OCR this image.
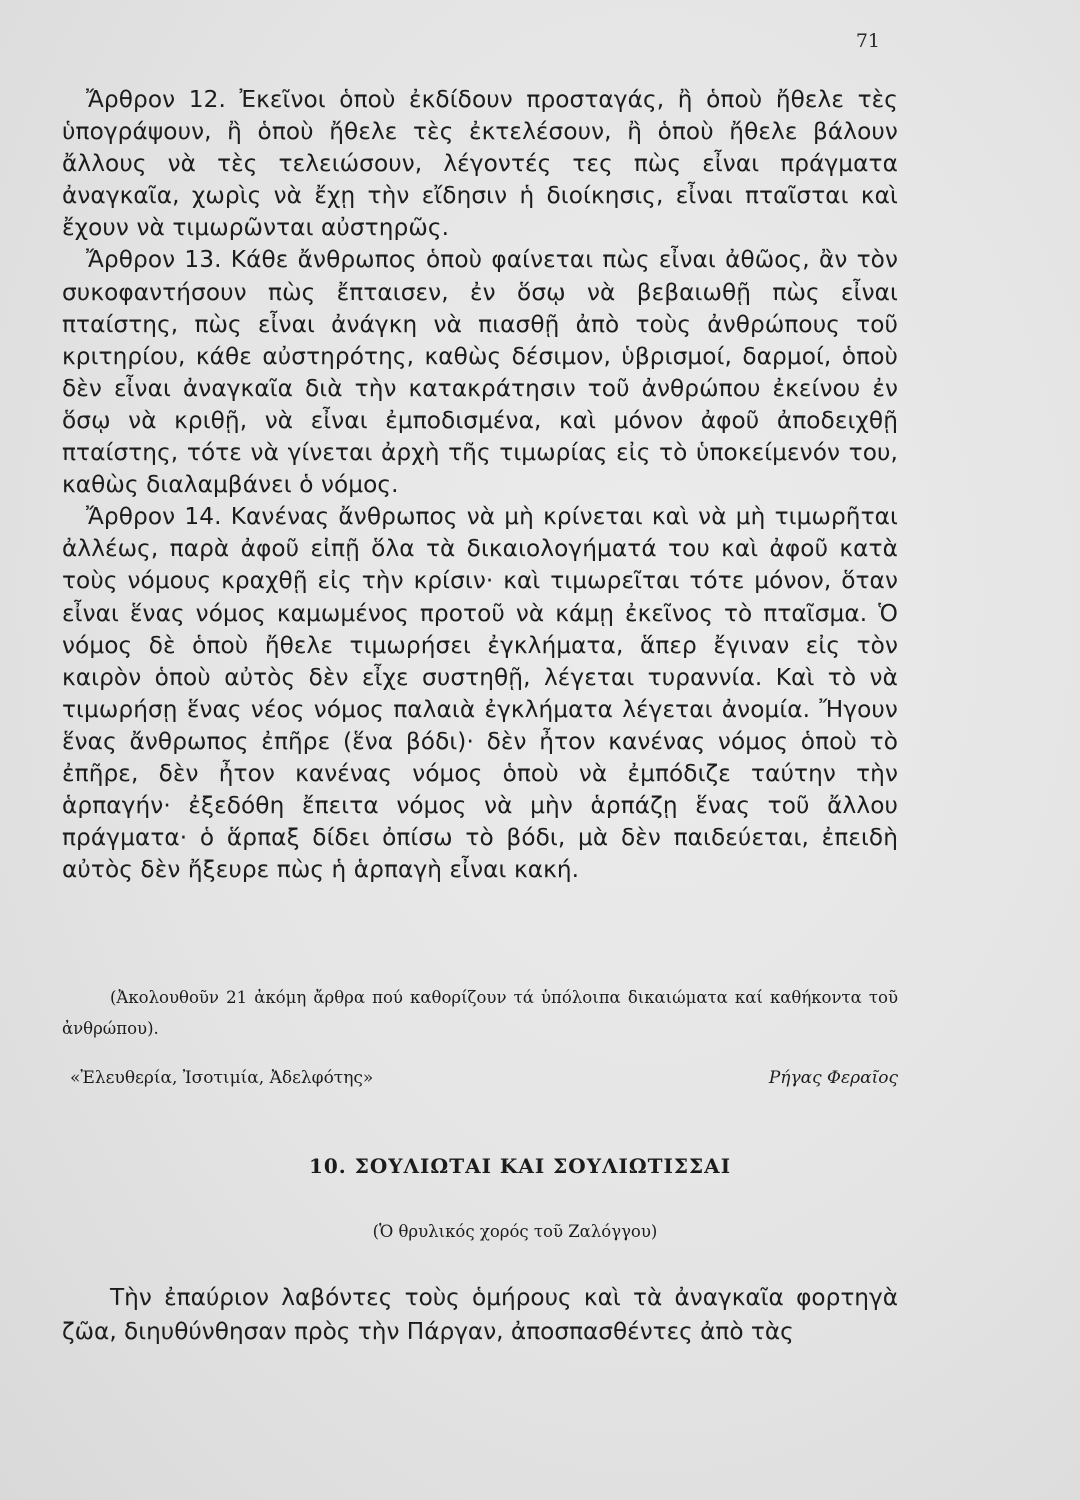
71

Ἄρθρον 12. Ἐκεῖνοι ὁποὺ ἐκδίδουν προσταγάς, ἢ ὁποὺ ἤθελε τὲς ὑπογράψουν, ἢ ὁποὺ ἤθελε τὲς ἐκτελέσουν, ἢ ὁποὺ ἤθελε βάλουν ἄλλους νὰ τὲς τελειώσουν, λέγοντές τες πὼς εἶναι πράγματα ἀναγκαῖα, χωρὶς νὰ ἔχῃ τὴν εἴδησιν ἡ διοίκησις, εἶναι πταῖσται καὶ ἔχουν νὰ τιμωρῶνται αὐστηρῶς.

Ἄρθρον 13. Κάθε ἄνθρωπος ὁποὺ φαίνεται πὼς εἶναι ἀθῶος, ἂν τὸν συκοφαντήσουν πὼς ἔπταισεν, ἐν ὅσῳ νὰ βεβαιωθῇ πὼς εἶναι πταίστης, πὼς εἶναι ἀνάγκη νὰ πιασθῇ ἀπὸ τοὺς ἀνθρώπους τοῦ κριτηρίου, κάθε αὐστηρότης, καθὼς δέσιμον, ὑβρισμοί, δαρμοί, ὁποὺ δὲν εἶναι ἀναγκαῖα διὰ τὴν κατακράτησιν τοῦ ἀνθρώπου ἐκείνου ἐν ὅσῳ νὰ κριθῇ, νὰ εἶναι ἐμποδισμένα, καὶ μόνον ἀφοῦ ἀποδειχθῇ πταίστης, τότε νὰ γίνεται ἀρχὴ τῆς τιμωρίας εἰς τὸ ὑποκείμενόν του, καθὼς διαλαμβάνει ὁ νόμος.

Ἄρθρον 14. Κανένας ἄνθρωπος νὰ μὴ κρίνεται καὶ νὰ μὴ τιμωρῆται ἀλλέως, παρὰ ἀφοῦ εἰπῇ ὅλα τὰ δικαιολογήματά του καὶ ἀφοῦ κατὰ τοὺς νόμους κραχθῇ εἰς τὴν κρίσιν· καὶ τιμωρεῖται τότε μόνον, ὅταν εἶναι ἕνας νόμος καμωμένος προτοῦ νὰ κάμῃ ἐκεῖνος τὸ πταῖσμα. Ὁ νόμος δὲ ὁποὺ ἤθελε τιμωρήσει ἐγκλήματα, ἅπερ ἔγιναν εἰς τὸν καιρὸν ὁποὺ αὐτὸς δὲν εἶχε συστηθῇ, λέγεται τυραννία. Καὶ τὸ νὰ τιμωρήσῃ ἕνας νέος νόμος παλαιὰ ἐγκλήματα λέγεται ἀνομία. Ἤγουν ἕνας ἄνθρωπος ἐπῆρε (ἕνα βόδι)· δὲν ἦτον κανένας νόμος ὁποὺ τὸ ἐπῆρε, δὲν ἦτον κανένας νόμος ὁποὺ νὰ ἐμπόδιζε ταύτην τὴν ἁρπαγήν· ἐξεδόθη ἔπειτα νόμος νὰ μὴν ἁρπάζῃ ἕνας τοῦ ἄλλου πράγματα· ὁ ἅρπαξ δίδει ὀπίσω τὸ βόδι, μὰ δὲν παιδεύεται, ἐπειδὴ αὐτὸς δὲν ἤξευρε πὼς ἡ ἁρπαγὴ εἶναι κακή.

(Ἀκολουθοῦν 21 ἀκόμη ἄρθρα πού καθορίζουν τά ὑπόλοιπα δικαιώματα καί καθήκοντα τοῦ ἀνθρώπου).

«Ἐλευθερία, Ἰσοτιμία, Ἀδελφότης»	Ρήγας Φεραῖος
10. ΣΟΥΛΙΩΤΑΙ ΚΑΙ ΣΟΥΛΙΩΤΙΣΣΑΙ
(Ὁ θρυλικός χορός τοῦ Ζαλόγγου)

Τὴν ἐπαύριον λαβόντες τοὺς ὁμήρους καὶ τὰ ἀναγκαῖα φορτηγὰ ζῶα, διηυθύνθησαν πρὸς τὴν Πάργαν, ἀποσπασθέντες ἀπὸ τὰς
